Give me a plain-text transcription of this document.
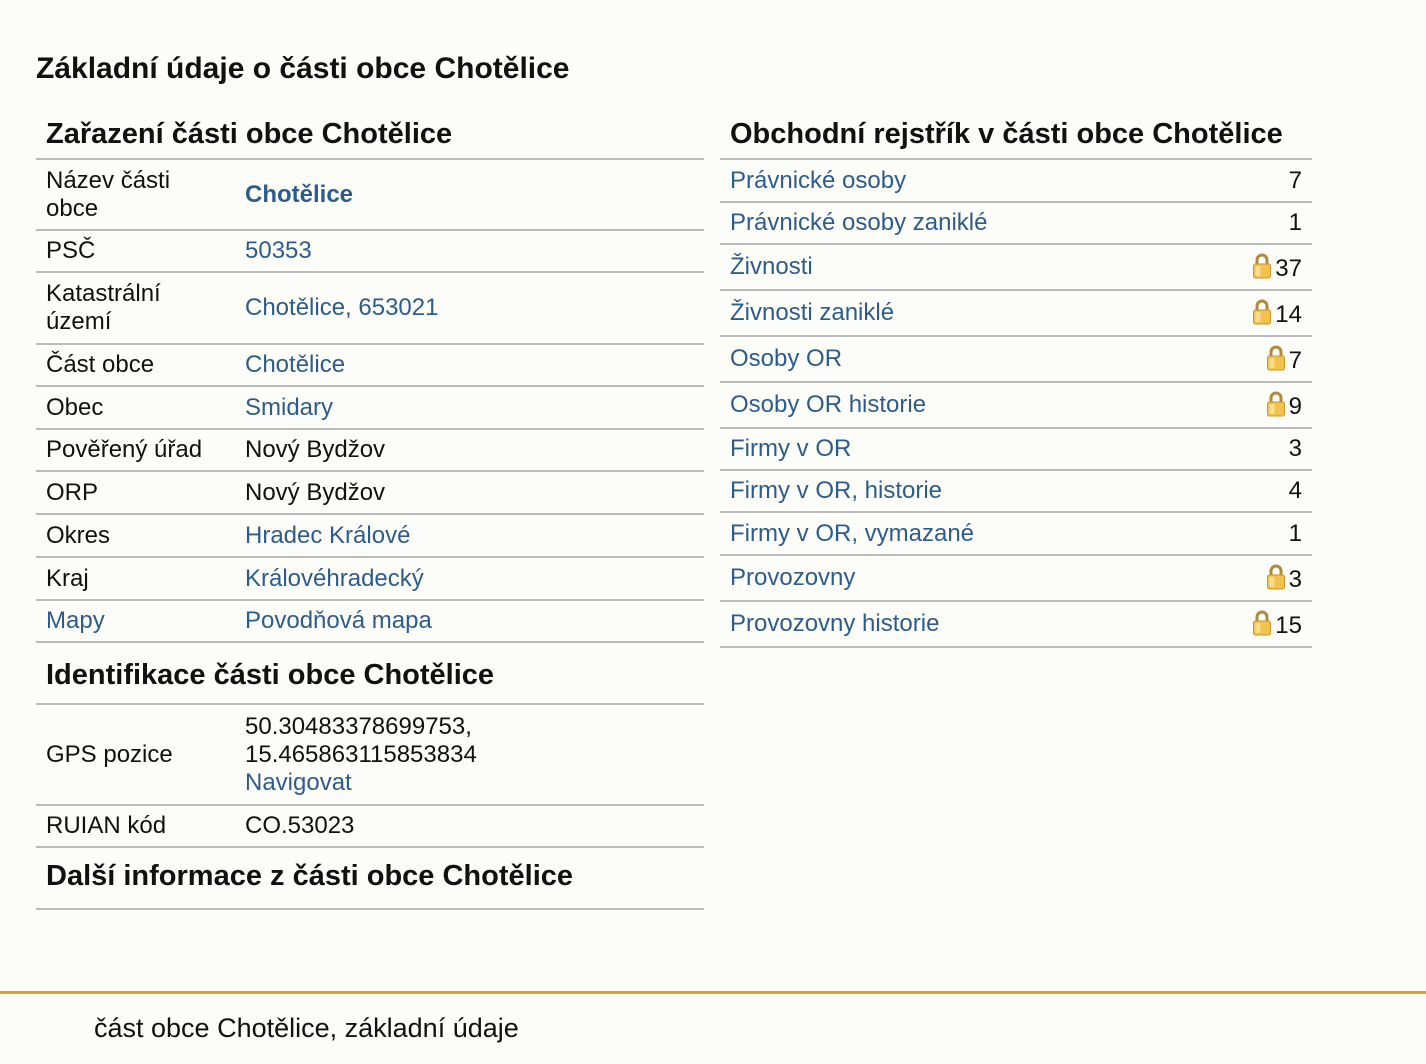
Základní údaje o části obce Chotělice
Zařazení části obce Chotělice
Název části obce	Chotělice
PSČ	50353
Katastrální území	Chotělice, 653021
Část obce	Chotělice
Obec	Smidary
Pověřený úřad	Nový Bydžov
ORP	Nový Bydžov
Okres	Hradec Králové
Kraj	Královéhradecký
Mapy	Povodňová mapa
Identifikace části obce Chotělice
GPS pozice	50.30483378699753,
15.465863115853834
Navigovat

RUIAN kód	CO.53023
Další informace z části obce Chotělice
Obchodní rejstřík v části obce Chotělice
Právnické osoby	7
Právnické osoby zaniklé	1
Živnosti	37
Živnosti zaniklé	14
Osoby OR	7
Osoby OR historie	9
Firmy v OR	3
Firmy v OR, historie	4
Firmy v OR, vymazané	1
Provozovny	3
Provozovny historie	15

část obce Chotělice, základní údaje
